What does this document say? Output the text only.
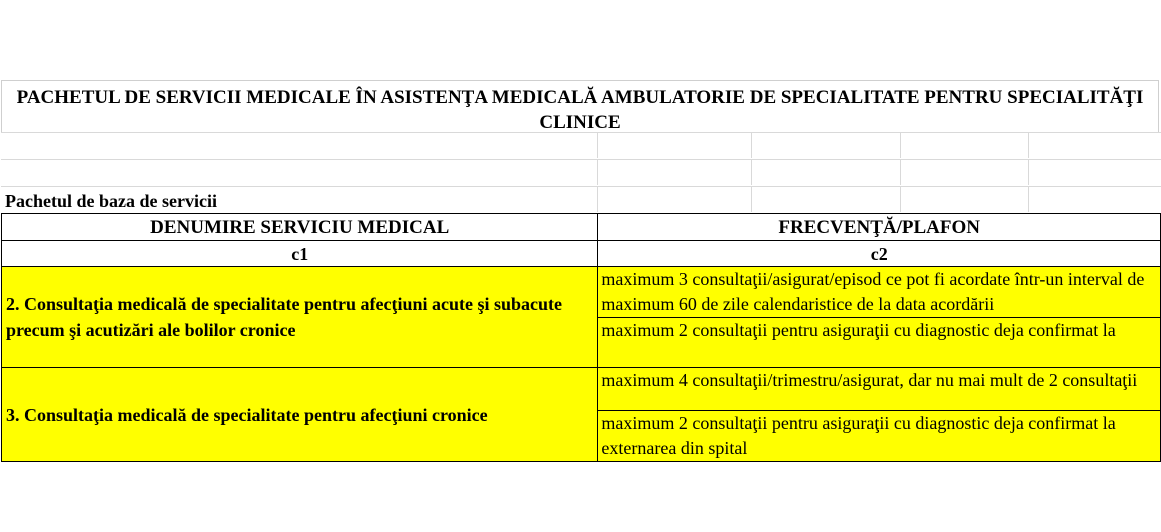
PACHETUL DE SERVICII MEDICALE ÎN ASISTENŢA MEDICALĂ AMBULATORIE DE SPECIALITATE PENTRU SPECIALITĂŢI CLINICE
Pachetul de baza de servicii
DENUMIRE SERVICIU MEDICAL	FRECVENŢĂ/PLAFON
c1	c2
2. Consultaţia medicală de specialitate pentru afecţiuni acute şi subacute precum şi acutizări ale bolilor cronice	maximum 3 consultaţii/asigurat/episod ce pot fi acordate într-un interval de maximum 60 de zile calendaristice de la data acordării
	maximum 2 consultaţii pentru asiguraţii cu diagnostic deja confirmat la
3. Consultaţia medicală de specialitate pentru afecţiuni cronice	maximum 4 consultaţii/trimestru/asigurat, dar nu mai mult de 2 consultaţii
	maximum 2 consultaţii pentru asiguraţii cu diagnostic deja confirmat la externarea din spital
